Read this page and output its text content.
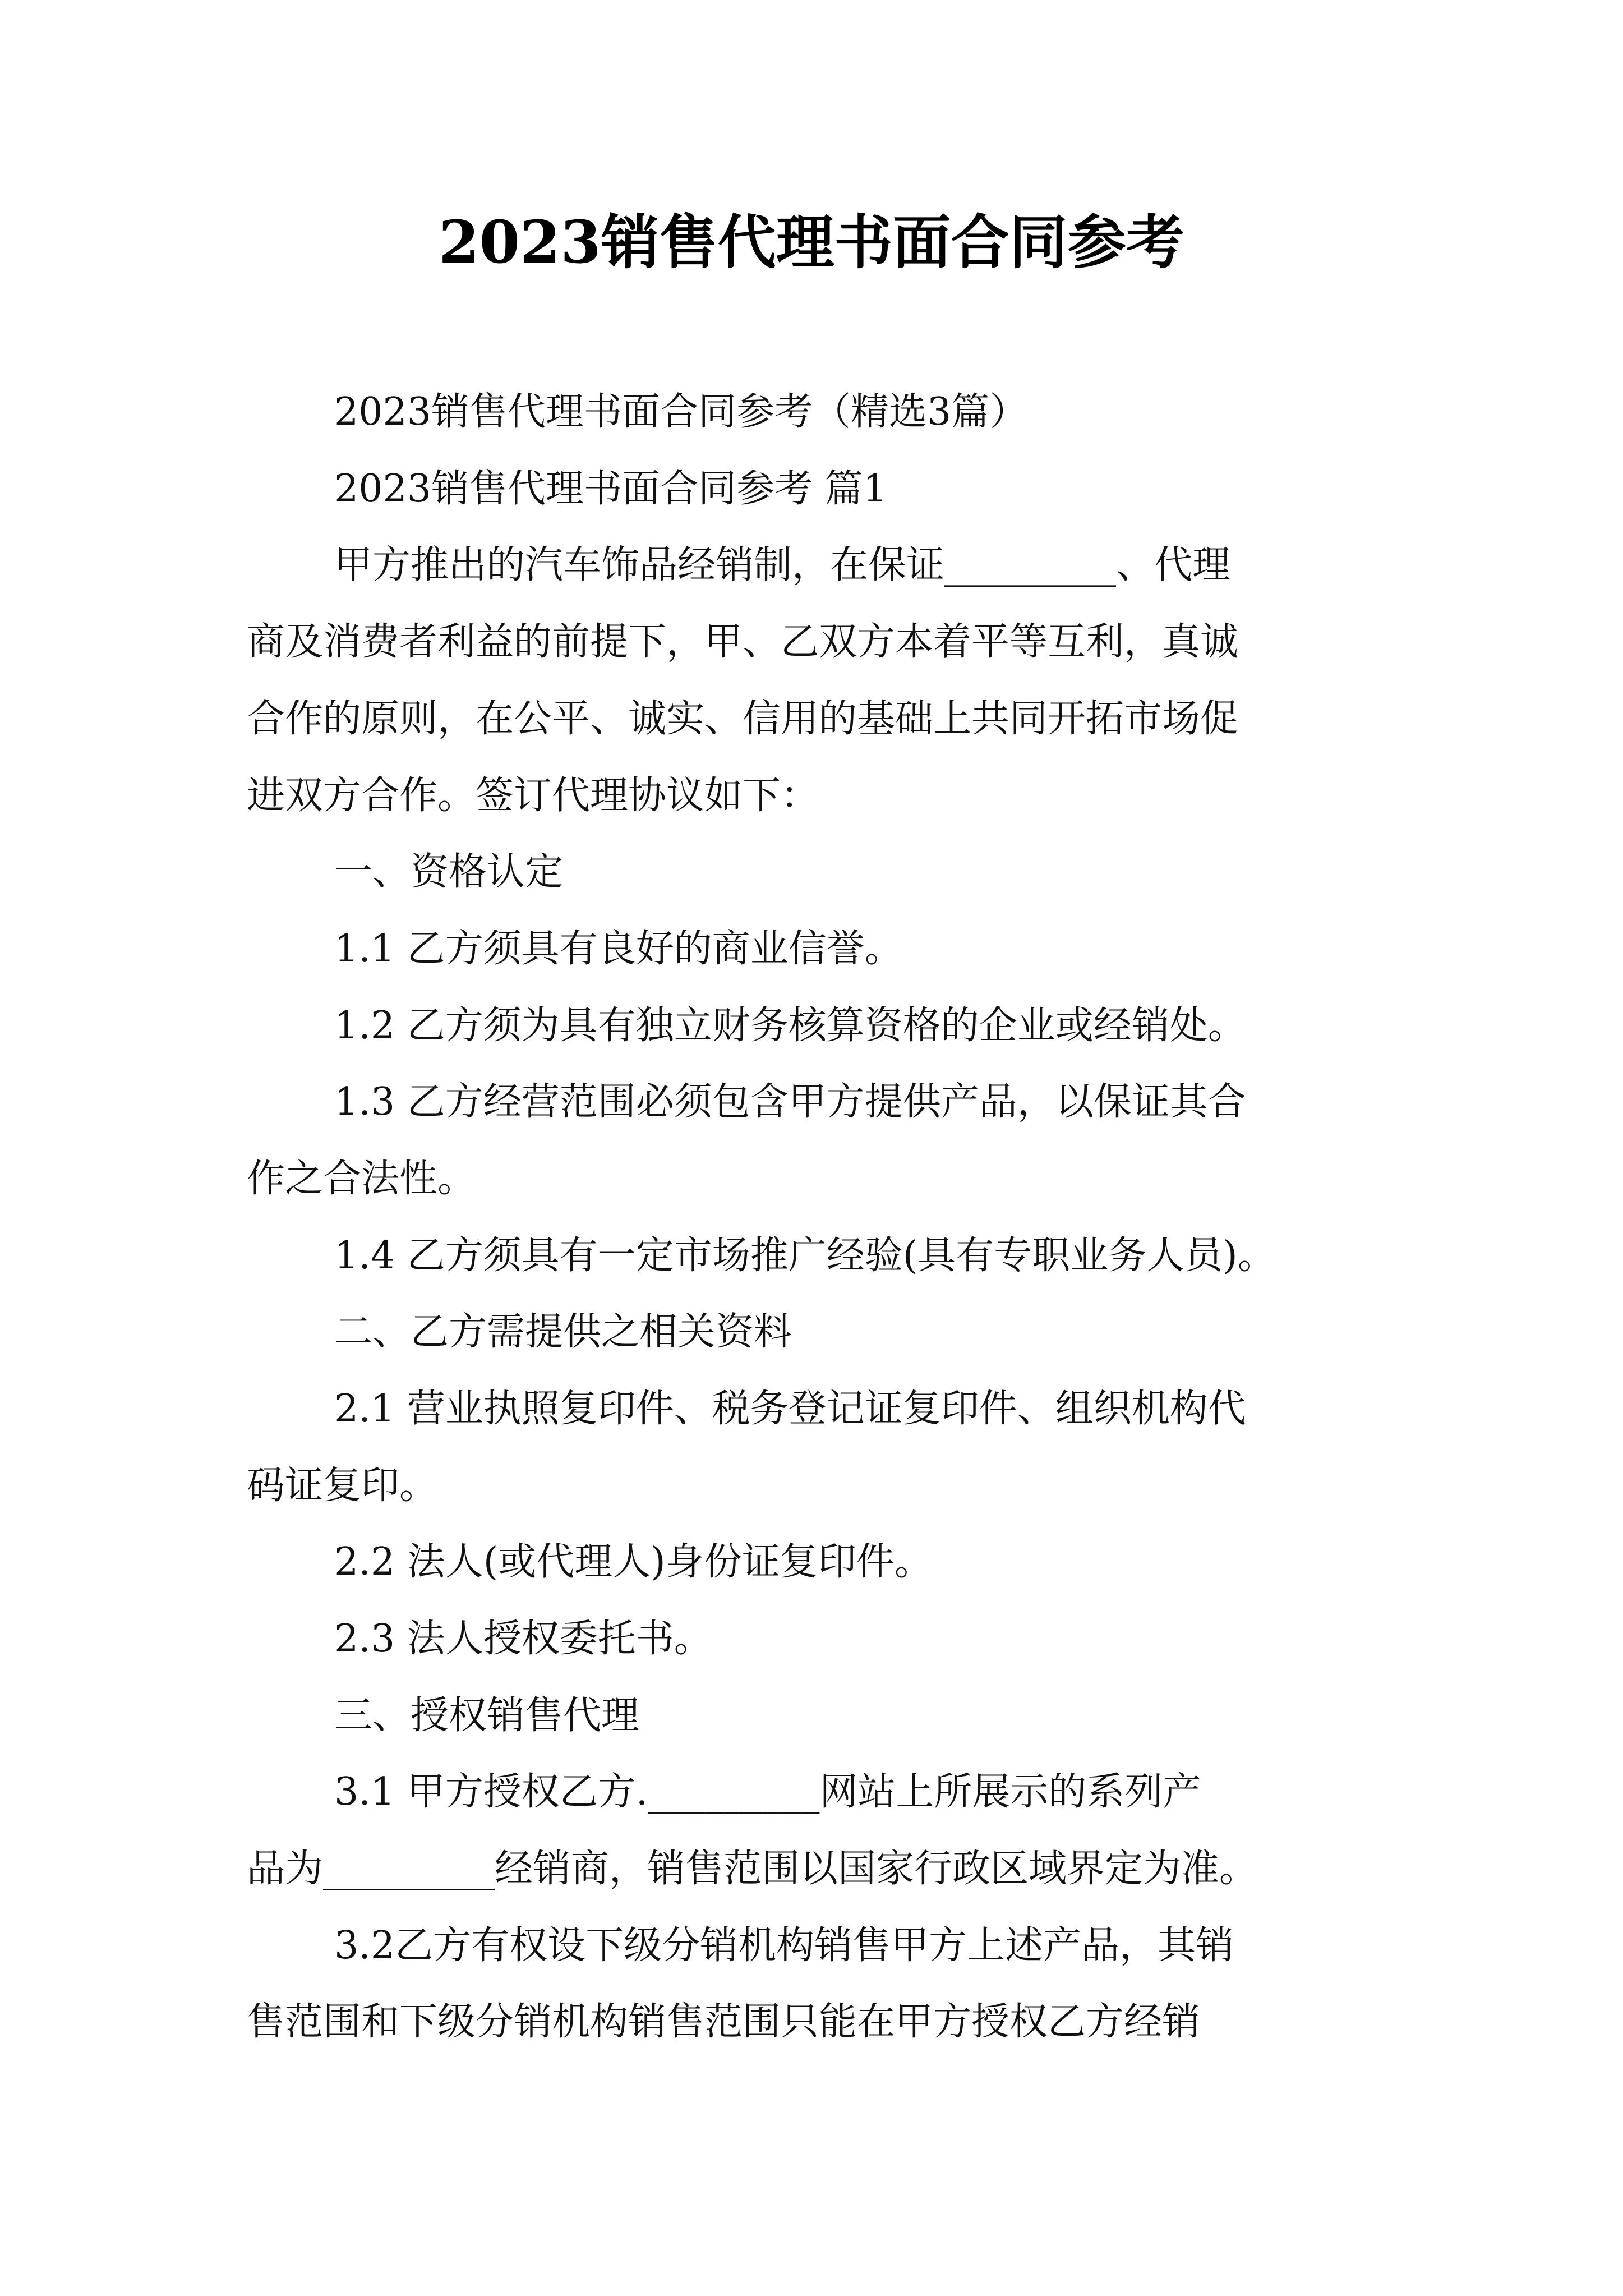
2023销售代理书面合同参考

2023销售代理书面合同参考（精选3篇）

2023销售代理书面合同参考 篇1

甲方推出的汽车饰品经销制，在保证_________、代理

商及消费者利益的前提下，甲、乙双方本着平等互利，真诚

合作的原则，在公平、诚实、信用的基础上共同开拓市场促

进双方合作。签订代理协议如下：

一、资格认定

1.1 乙方须具有良好的商业信誉。

1.2 乙方须为具有独立财务核算资格的企业或经销处。

1.3 乙方经营范围必须包含甲方提供产品，以保证其合

作之合法性。

1.4 乙方须具有一定市场推广经验(具有专职业务人员)。

二、乙方需提供之相关资料

2.1 营业执照复印件、税务登记证复印件、组织机构代

码证复印。

2.2 法人(或代理人)身份证复印件。

2.3 法人授权委托书。

三、授权销售代理

3.1 甲方授权乙方._________网站上所展示的系列产

品为_________经销商，销售范围以国家行政区域界定为准。

3.2乙方有权设下级分销机构销售甲方上述产品，其销

售范围和下级分销机构销售范围只能在甲方授权乙方经销
